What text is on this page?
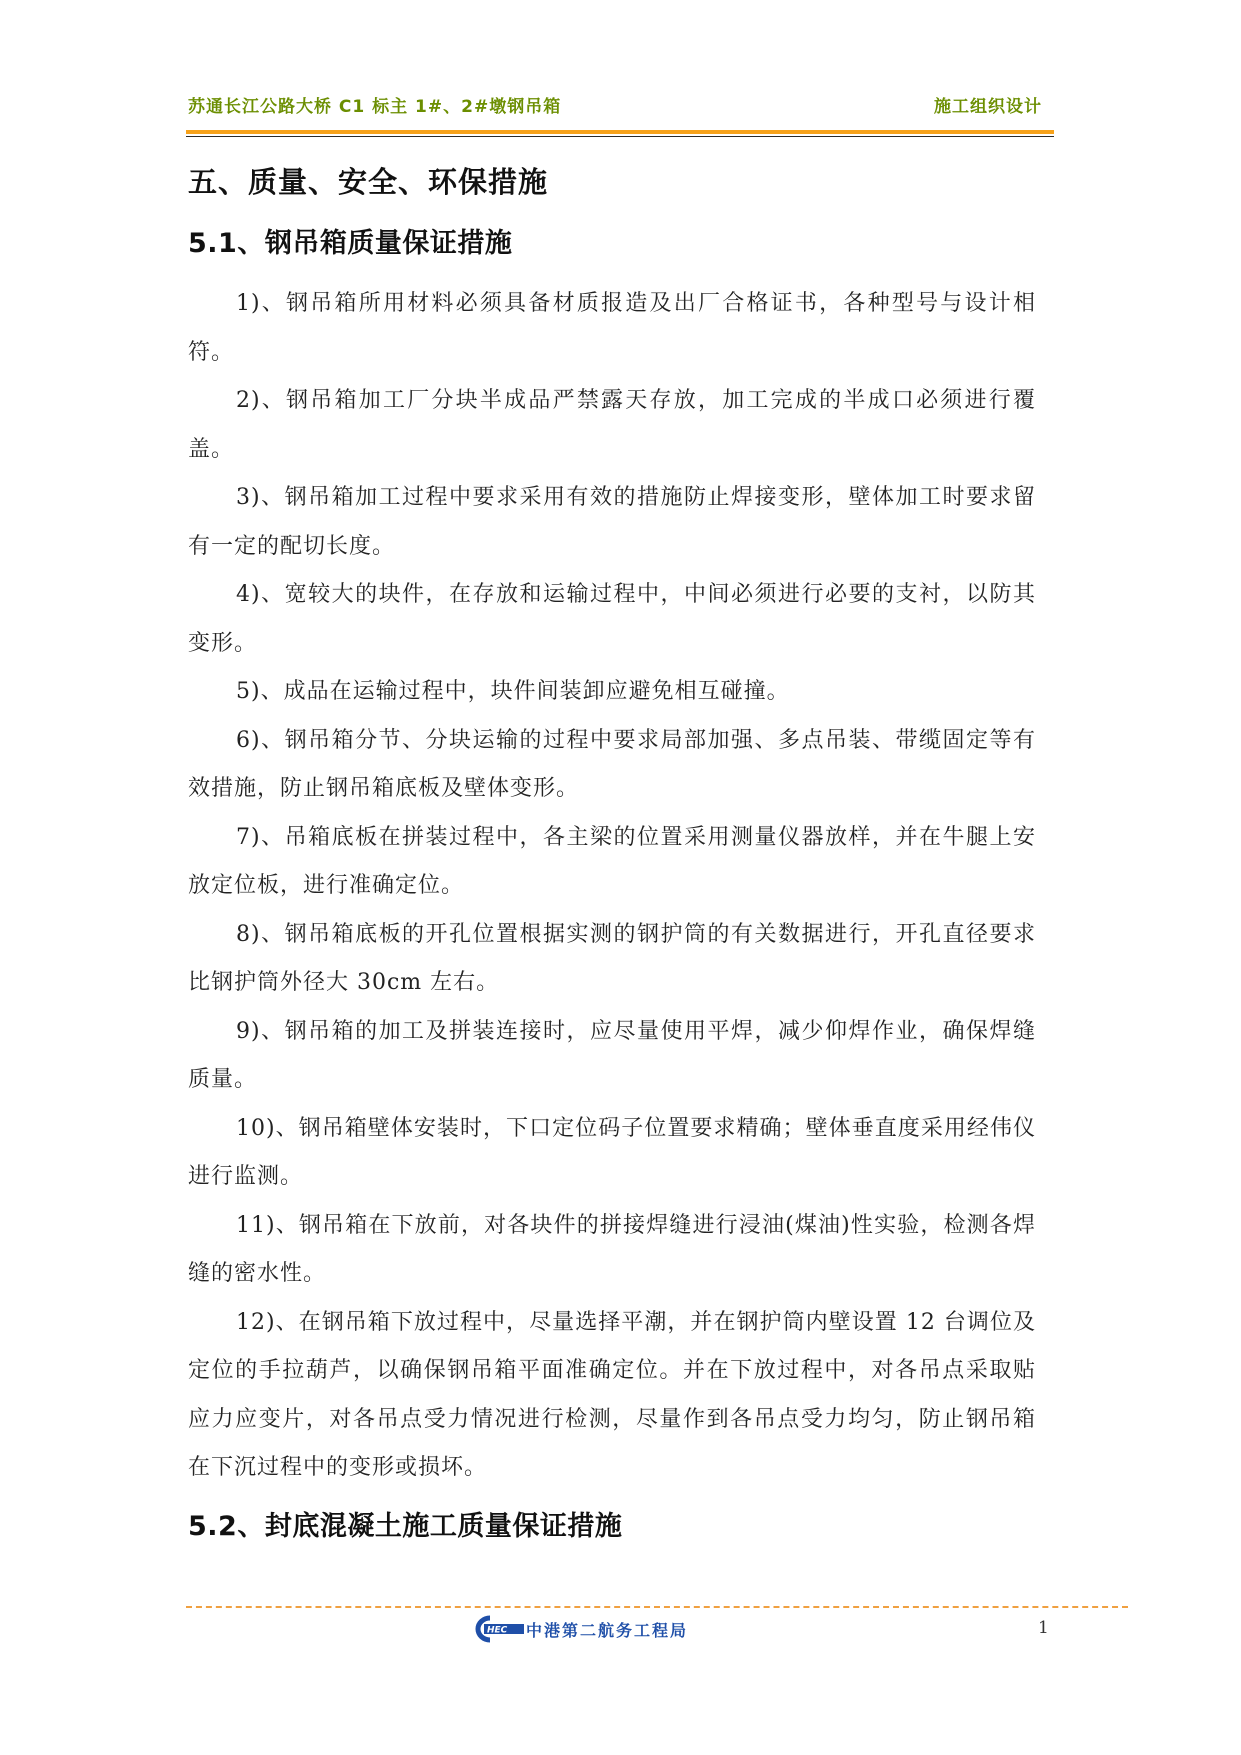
苏通长江公路大桥 C1 标主 1#、2#墩钢吊箱	施工组织设计
五、质量、安全、环保措施
5.1、钢吊箱质量保证措施

1)、钢吊箱所用材料必须具备材质报造及出厂合格证书，各种型号与设计相符。

2)、钢吊箱加工厂分块半成品严禁露天存放，加工完成的半成口必须进行覆盖。

3)、钢吊箱加工过程中要求采用有效的措施防止焊接变形，壁体加工时要求留有一定的配切长度。

4)、宽较大的块件，在存放和运输过程中，中间必须进行必要的支衬，以防其变形。

5)、成品在运输过程中，块件间装卸应避免相互碰撞。

6)、钢吊箱分节、分块运输的过程中要求局部加强、多点吊装、带缆固定等有效措施，防止钢吊箱底板及壁体变形。

7)、吊箱底板在拼装过程中，各主梁的位置采用测量仪器放样，并在牛腿上安放定位板，进行准确定位。

8)、钢吊箱底板的开孔位置根据实测的钢护筒的有关数据进行，开孔直径要求比钢护筒外径大 30cm 左右。

9)、钢吊箱的加工及拼装连接时，应尽量使用平焊，减少仰焊作业，确保焊缝质量。

10)、钢吊箱壁体安装时，下口定位码子位置要求精确；壁体垂直度采用经伟仪进行监测。

11)、钢吊箱在下放前，对各块件的拼接焊缝进行浸油(煤油)性实验，检测各焊缝的密水性。

12)、在钢吊箱下放过程中，尽量选择平潮，并在钢护筒内壁设置 12 台调位及定位的手拉葫芦，以确保钢吊箱平面准确定位。并在下放过程中，对各吊点采取贴应力应变片，对各吊点受力情况进行检测，尽量作到各吊点受力均匀，防止钢吊箱在下沉过程中的变形或损坏。

5.2、封底混凝土施工质量保证措施
HEC 中港第二航务工程局	1
